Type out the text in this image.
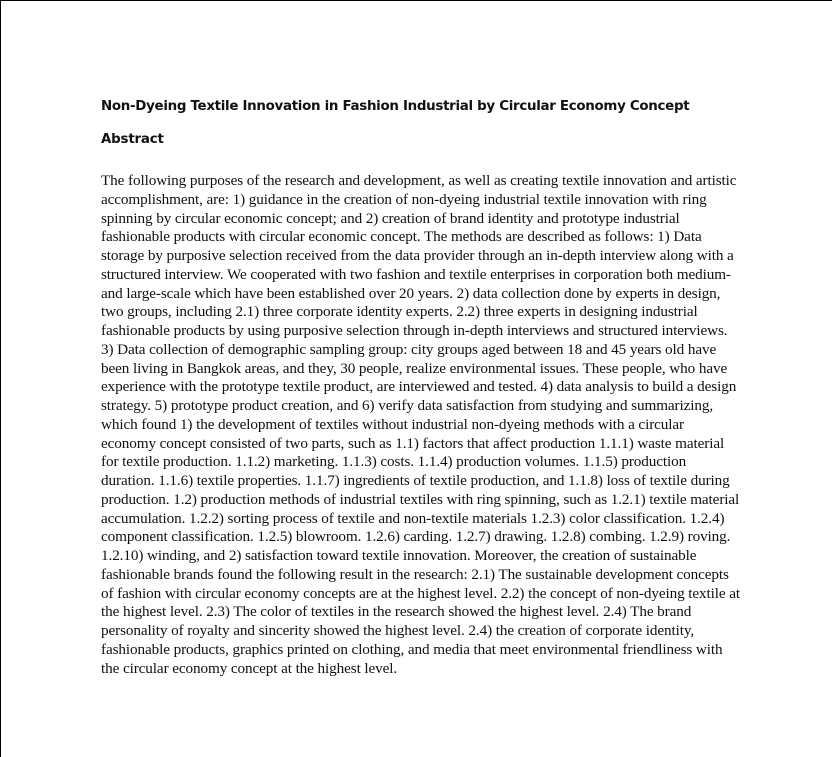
Non-Dyeing Textile Innovation in Fashion Industrial by Circular Economy Concept
Abstract

The following purposes of the research and development, as well as creating textile innovation and artistic accomplishment, are: 1) guidance in the creation of non-dyeing industrial textile innovation with ring spinning by circular economic concept; and 2) creation of brand identity and prototype industrial fashionable products with circular economic concept. The methods are described as follows: 1) Data storage by purposive selection received from the data provider through an in-depth interview along with a structured interview. We cooperated with two fashion and textile enterprises in corporation both medium- and large-scale which have been established over 20 years. 2) data collection done by experts in design, two groups, including 2.1) three corporate identity experts. 2.2) three experts in designing industrial fashionable products by using purposive selection through in-depth interviews and structured interviews. 3) Data collection of demographic sampling group: city groups aged between 18 and 45 years old have been living in Bangkok areas, and they, 30 people, realize environmental issues. These people, who have experience with the prototype textile product, are interviewed and tested. 4) data analysis to build a design strategy. 5) prototype product creation, and 6) verify data satisfaction from studying and summarizing, which found 1) the development of textiles without industrial non-dyeing methods with a circular economy concept consisted of two parts, such as 1.1) factors that affect production 1.1.1) waste material for textile production. 1.1.2) marketing. 1.1.3) costs. 1.1.4) production volumes. 1.1.5) production duration. 1.1.6) textile properties. 1.1.7) ingredients of textile production, and 1.1.8) loss of textile during production. 1.2) production methods of industrial textiles with ring spinning, such as 1.2.1) textile material accumulation. 1.2.2) sorting process of textile and non-textile materials 1.2.3) color classification. 1.2.4) component classification. 1.2.5) blowroom. 1.2.6) carding. 1.2.7) drawing. 1.2.8) combing. 1.2.9) roving. 1.2.10) winding, and 2) satisfaction toward textile innovation. Moreover, the creation of sustainable fashionable brands found the following result in the research: 2.1) The sustainable development concepts of fashion with circular economy concepts are at the highest level. 2.2) the concept of non-dyeing textile at the highest level. 2.3) The color of textiles in the research showed the highest level. 2.4) The brand personality of royalty and sincerity showed the highest level. 2.4) the creation of corporate identity, fashionable products, graphics printed on clothing, and media that meet environmental friendliness with the circular economy concept at the highest level.
